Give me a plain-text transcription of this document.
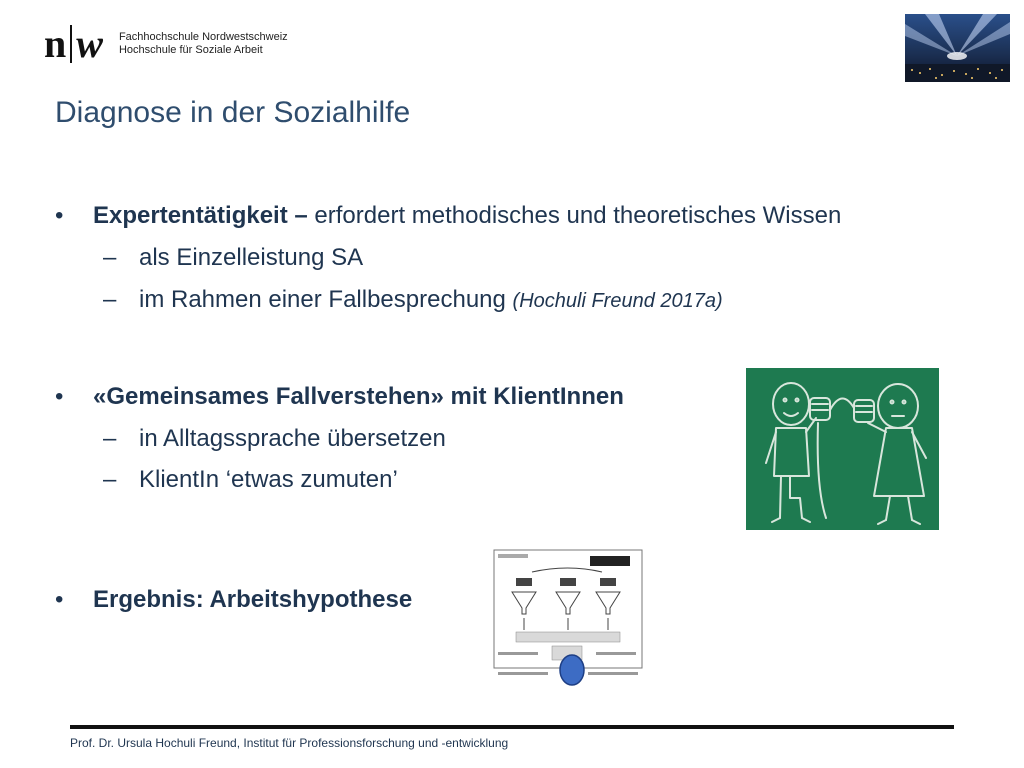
n w Fachhochschule Nordwestschweiz
Hochschule für Soziale Arbeit
Diagnose in der Sozialhilfe
• Expertentätigkeit – erfordert methodisches und theoretisches Wissen
– als Einzelleistung SA
– im Rahmen einer Fallbesprechung (Hochuli Freund 2017a)
• «Gemeinsames Fallverstehen» mit KlientInnen
– in Alltagssprache übersetzen
– KlientIn ‘etwas zumuten’
• Ergebnis: Arbeitshypothese
Prof. Dr. Ursula Hochuli Freund, Institut für Professionsforschung und -entwicklung
